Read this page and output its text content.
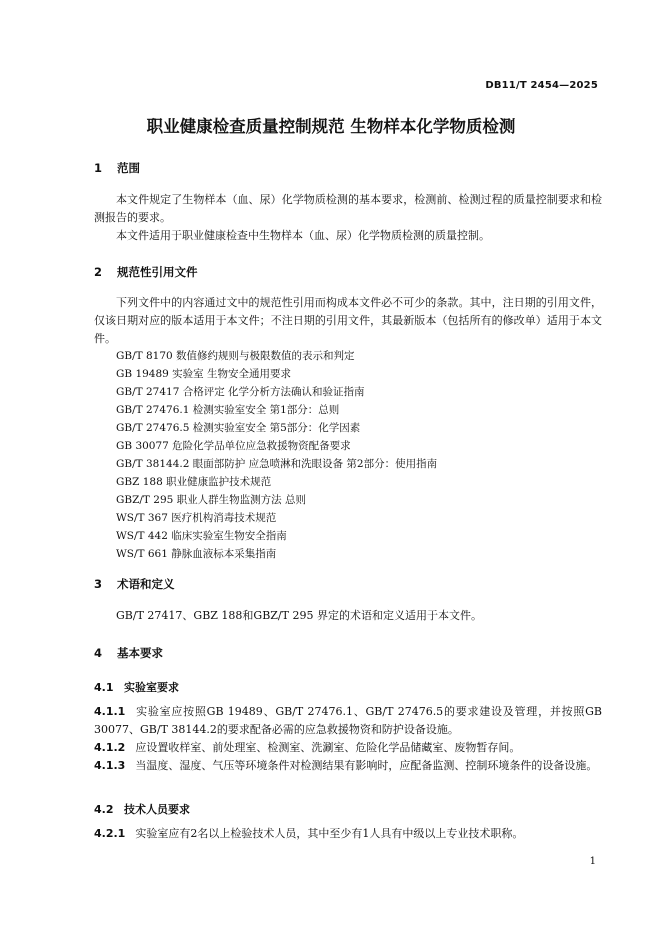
DB11/T 2454—2025
职业健康检查质量控制规范 生物样本化学物质检测
1 范围

本文件规定了生物样本（血、尿）化学物质检测的基本要求，检测前、检测过程的质量控制要求和检测报告的要求。

本文件适用于职业健康检查中生物样本（血、尿）化学物质检测的质量控制。

2 规范性引用文件

下列文件中的内容通过文中的规范性引用而构成本文件必不可少的条款。其中，注日期的引用文件，仅该日期对应的版本适用于本文件；不注日期的引用文件，其最新版本（包括所有的修改单）适用于本文件。

GB/T 8170 数值修约规则与极限数值的表示和判定
GB 19489 实验室 生物安全通用要求
GB/T 27417 合格评定 化学分析方法确认和验证指南
GB/T 27476.1 检测实验室安全 第1部分：总则
GB/T 27476.5 检测实验室安全 第5部分：化学因素
GB 30077 危险化学品单位应急救援物资配备要求
GB/T 38144.2 眼面部防护 应急喷淋和洗眼设备 第2部分：使用指南
GBZ 188 职业健康监护技术规范
GBZ/T 295 职业人群生物监测方法 总则
WS/T 367 医疗机构消毒技术规范
WS/T 442 临床实验室生物安全指南
WS/T 661 静脉血液标本采集指南
3 术语和定义

GB/T 27417、GBZ 188和GBZ/T 295 界定的术语和定义适用于本文件。

4 基本要求
4.1 实验室要求

4.1.1 实验室应按照GB 19489、GB/T 27476.1、GB/T 27476.5的要求建设及管理，并按照GB 30077、GB/T 38144.2的要求配备必需的应急救援物资和防护设备设施。

4.1.2 应设置收样室、前处理室、检测室、洗涮室、危险化学品储藏室、废物暂存间。

4.1.3 当温度、湿度、气压等环境条件对检测结果有影响时，应配备监测、控制环境条件的设备设施。

4.2 技术人员要求

4.2.1 实验室应有2名以上检验技术人员，其中至少有1人具有中级以上专业技术职称。

1
